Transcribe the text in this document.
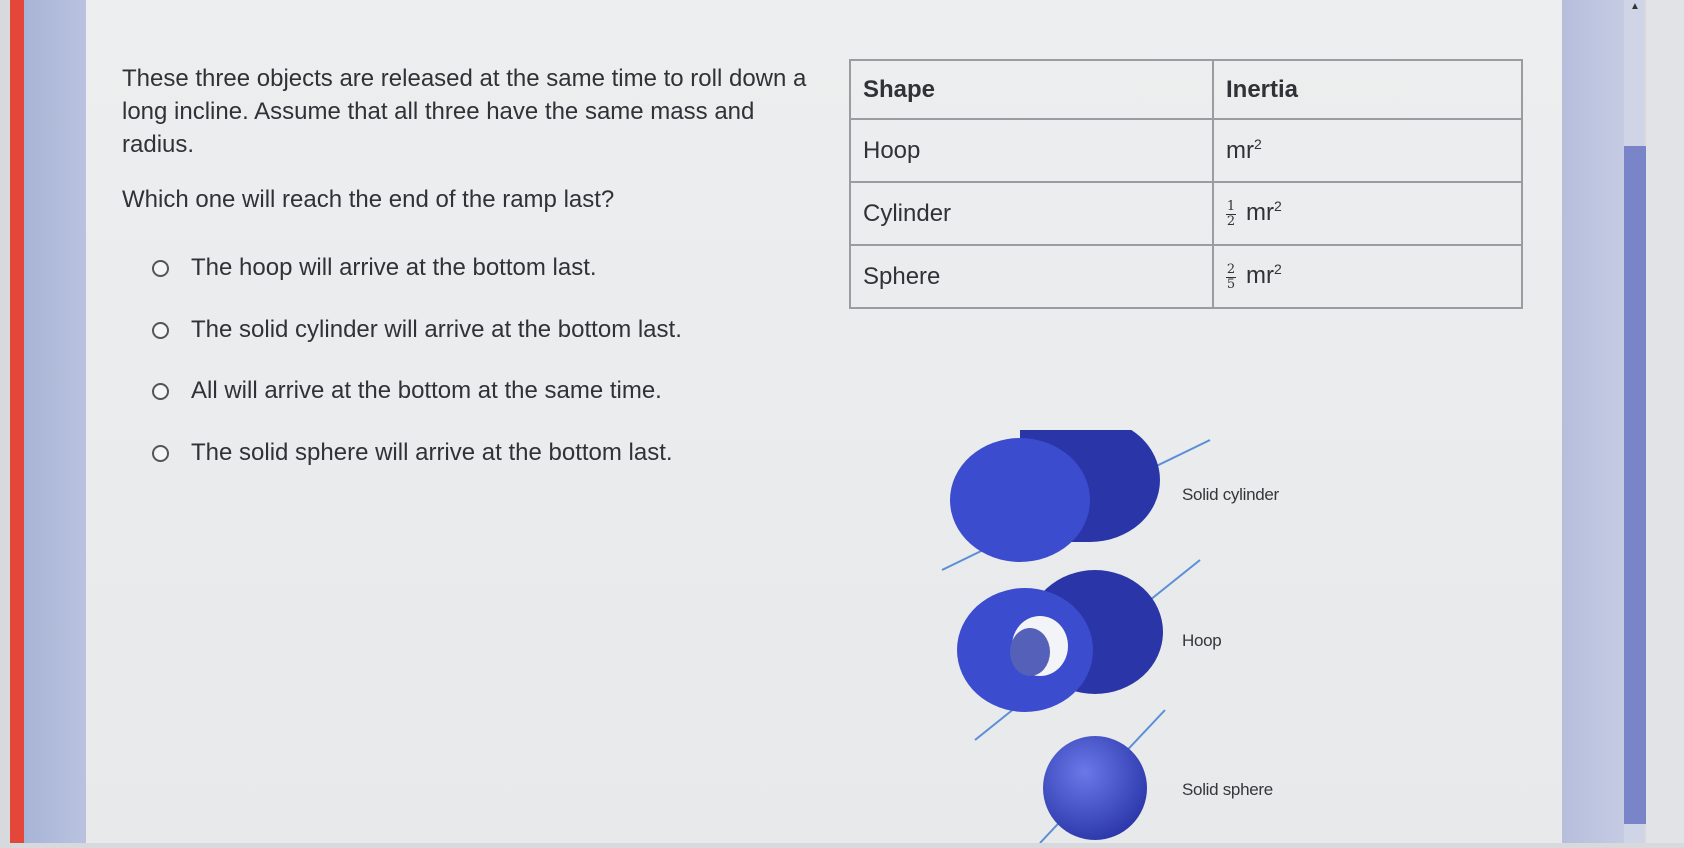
▲
These three objects are released at the same time to roll down a long incline. Assume that all three have the same mass and radius.
Which one will reach the end of the ramp last?
The hoop will arrive at the bottom last.
The solid cylinder will arrive at the bottom last.
All will arrive at the bottom at the same time.
The solid sphere will arrive at the bottom last.
Shape	Inertia
Hoop	$mr^2$
Cylinder	$\frac{1}{2} mr^2$
Sphere	$\frac{2}{5} mr^2$
Solid cylinder
Hoop
Solid sphere
